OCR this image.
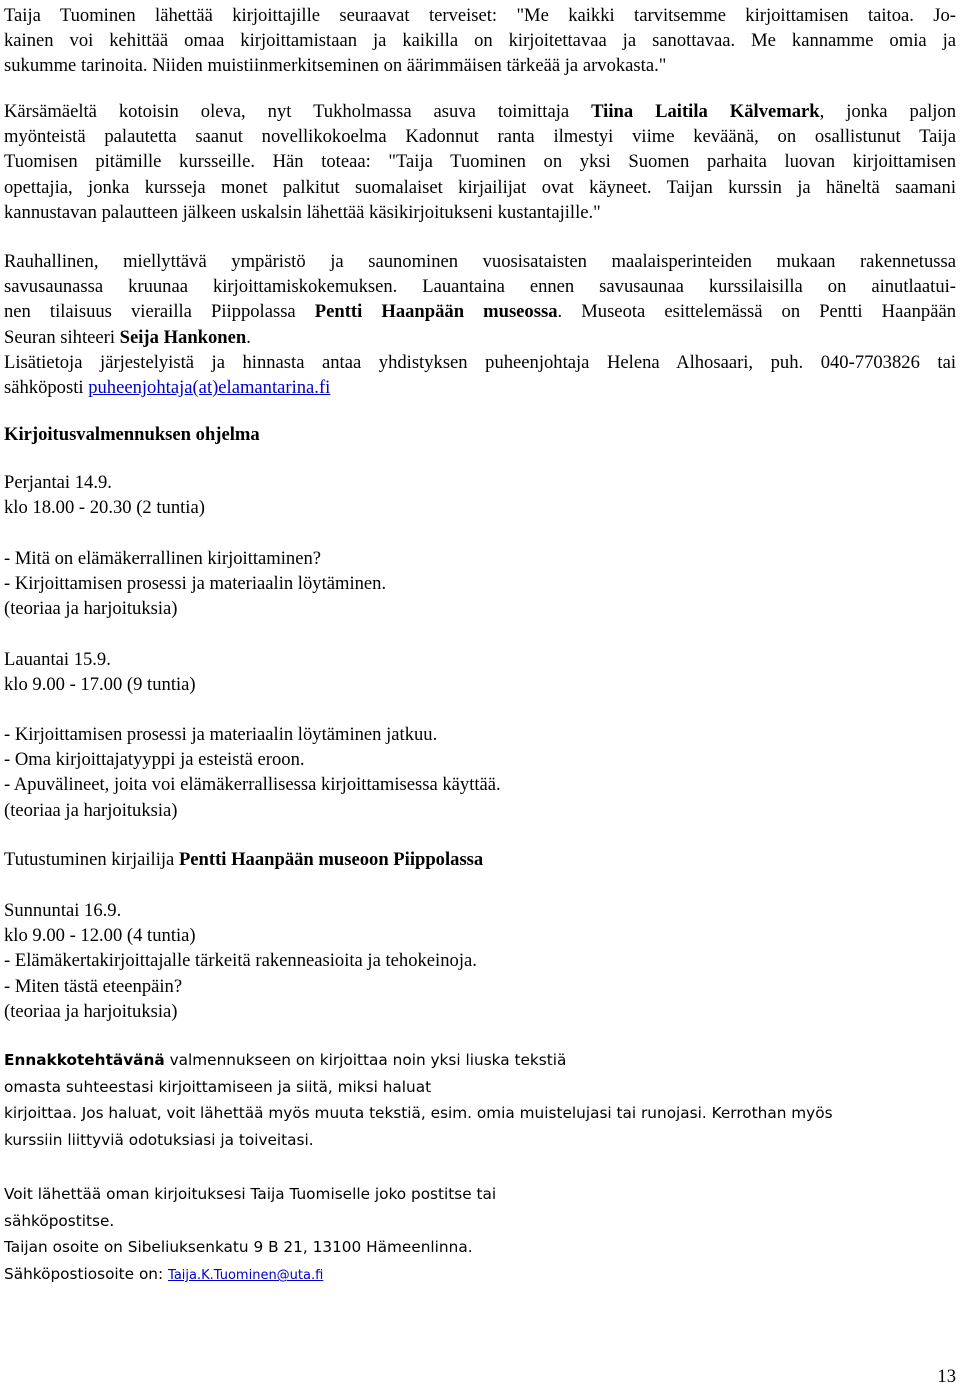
Taija Tuominen lähettää kirjoittajille seuraavat terveiset: "Me kaikki tarvitsemme kirjoittamisen taitoa. Jo-
kainen voi kehittää omaa kirjoittamistaan ja kaikilla on kirjoitettavaa ja sanottavaa. Me kannamme omia ja
sukumme tarinoita. Niiden muistiinmerkitseminen on äärimmäisen tärkeää ja arvokasta."
Kärsämäeltä kotoisin oleva, nyt Tukholmassa asuva toimittaja Tiina Laitila Kälvemark, jonka paljon
myönteistä palautetta saanut novellikokoelma Kadonnut ranta ilmestyi viime keväänä, on osallistunut Taija
Tuomisen pitämille kursseille. Hän toteaa: "Taija Tuominen on yksi Suomen parhaita luovan kirjoittamisen
opettajia, jonka kursseja monet palkitut suomalaiset kirjailijat ovat käyneet. Taijan kurssin ja häneltä saamani
kannustavan palautteen jälkeen uskalsin lähettää käsikirjoitukseni kustantajille."
Rauhallinen, miellyttävä ympäristö ja saunominen vuosisataisten maalaisperinteiden mukaan rakennetussa
savusaunassa kruunaa kirjoittamiskokemuksen. Lauantaina ennen savusaunaa kurssilaisilla on ainutlaatui-
nen tilaisuus vierailla Piippolassa Pentti Haanpään museossa. Museota esittelemässä on Pentti Haanpään
Seuran sihteeri Seija Hankonen.
Lisätietoja järjestelyistä ja hinnasta antaa yhdistyksen puheenjohtaja Helena Alhosaari, puh. 040-7703826 tai
sähköposti puheenjohtaja(at)elamantarina.fi
Kirjoitusvalmennuksen ohjelma
Perjantai 14.9.
klo 18.00 - 20.30 (2 tuntia)
- Mitä on elämäkerrallinen kirjoittaminen?
- Kirjoittamisen prosessi ja materiaalin löytäminen.
(teoriaa ja harjoituksia)
Lauantai 15.9.
klo 9.00 - 17.00 (9 tuntia)
- Kirjoittamisen prosessi ja materiaalin löytäminen jatkuu.
- Oma kirjoittajatyyppi ja esteistä eroon.
- Apuvälineet, joita voi elämäkerrallisessa kirjoittamisessa käyttää.
(teoriaa ja harjoituksia)
Tutustuminen kirjailija Pentti Haanpään museoon Piippolassa
Sunnuntai 16.9.
klo 9.00 - 12.00 (4 tuntia)
- Elämäkertakirjoittajalle tärkeitä rakenneasioita ja tehokeinoja.
- Miten tästä eteenpäin?
(teoriaa ja harjoituksia)
Ennakkotehtävänä valmennukseen on kirjoittaa noin yksi liuska tekstiä
omasta suhteestasi kirjoittamiseen ja siitä, miksi haluat
kirjoittaa. Jos haluat, voit lähettää myös muuta tekstiä, esim. omia muistelujasi tai runojasi. Kerrothan myös
kurssiin liittyviä odotuksiasi ja toiveitasi.
Voit lähettää oman kirjoituksesi Taija Tuomiselle joko postitse tai
sähköpostitse.
Taijan osoite on Sibeliuksenkatu 9 B 21, 13100 Hämeenlinna.
Sähköpostiosoite on: Taija.K.Tuominen@uta.fi
13
